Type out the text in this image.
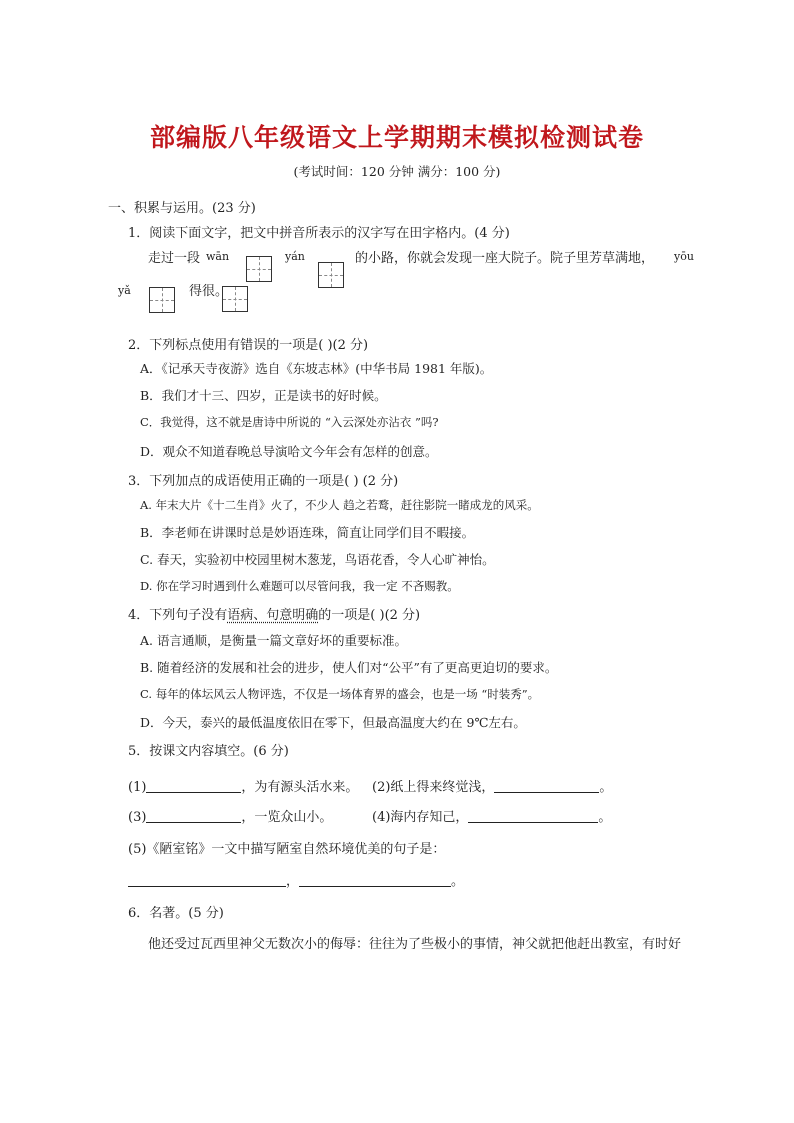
部编版八年级语文上学期期末模拟检测试卷
(考试时间：120 分钟 满分：100 分)
一、积累与运用。(23 分)
1．阅读下面文字，把文中拼音所表示的汉字写在田字格内。(4 分)
走过一段 wān	yán	的小路，你就会发现一座大院子。院子里芳草满地， yōu
yǎ	得很。
2．下列标点使用有错误的一项是( )(2 分)
A．《记承天寺夜游》选自《东坡志林》(中华书局 1981 年版)。
B．我们才十三、四岁，正是读书的好时候。
C．我觉得，这不就是唐诗中所说的 “入云深处亦沾衣 ”吗?
D．观众不知道春晚总导演哈文今年会有怎样的创意。
3．下列加点的成语使用正确的一项是( ) (2 分)
A. 年末大片《十二生肖》火了，不少人 趋之若鹜，赶往影院一睹成龙的风采。
B．李老师在讲课时总是妙语连珠，简直让同学们目不暇接。
C. 春天，实验初中校园里树木葱茏，鸟语花香，令人心旷神怡。
D. 你在学习时遇到什么难题可以尽管问我，我一定 不吝赐教。
4．下列句子没有语病、句意明确的一项是( )(2 分)
A. 语言通顺，是衡量一篇文章好坏的重要标准。
B. 随着经济的发展和社会的进步，使人们对“公平”有了更高更迫切的要求。
C. 每年的体坛风云人物评选，不仅是一场体育界的盛会，也是一场 “时装秀”。
D．今天，泰兴的最低温度依旧在零下，但最高温度大约在 9℃左右。
5．按课文内容填空。(6 分)
(1)	，为有源头活水来。 (2)纸上得来终觉浅，	。
(3)	，一览众山小。	(4)海内存知己，	。
(5)《陋室铭》一文中描写陋室自然环境优美的句子是：
，	。
6．名著。(5 分)
他还受过瓦西里神父无数次小的侮辱：往往为了些极小的事情，神父就把他赶出教室，有时好
